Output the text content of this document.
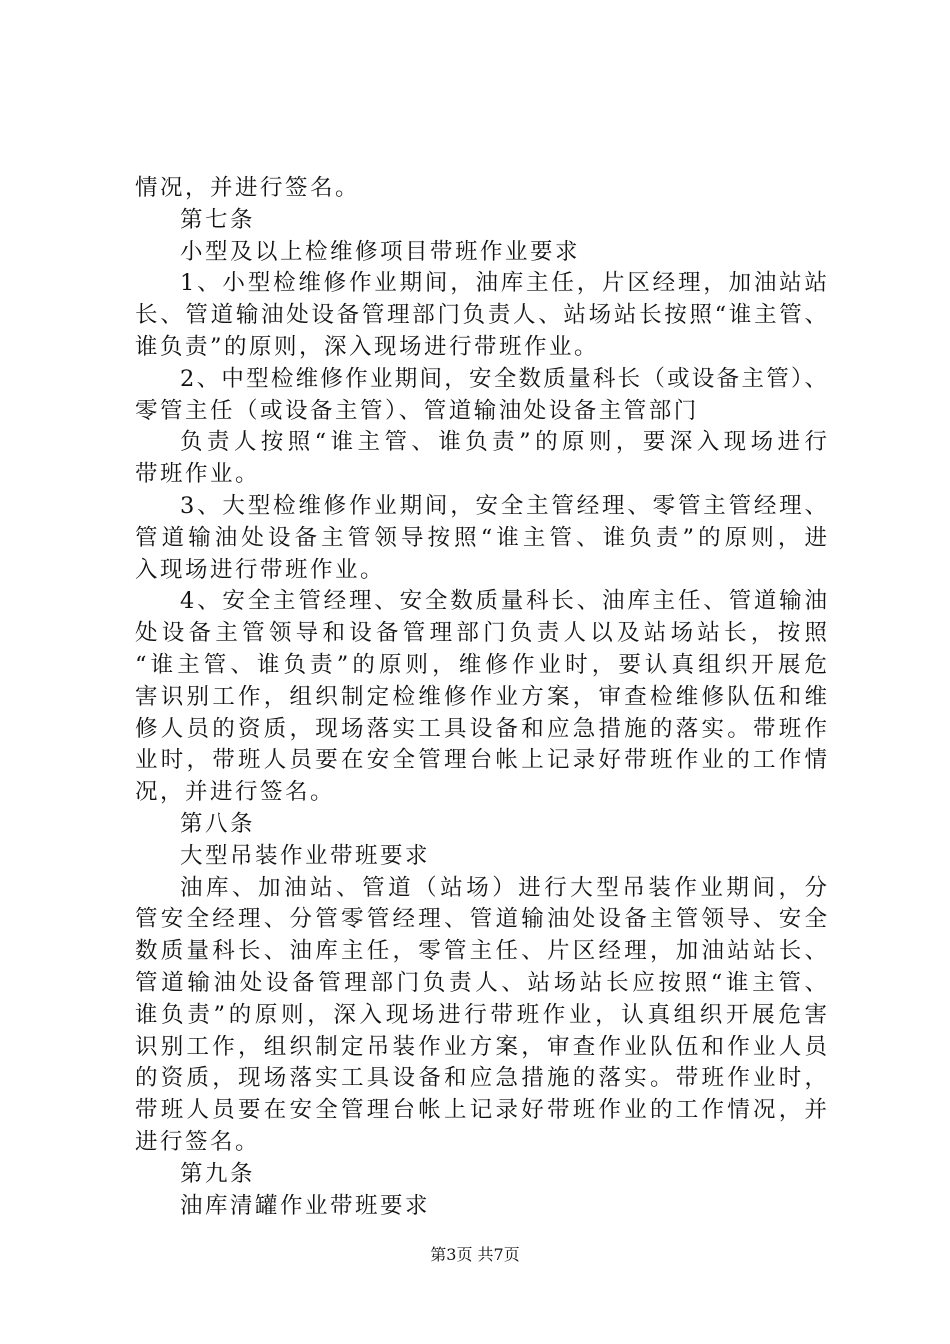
情况，并进行签名。
第七条
小型及以上检维修项目带班作业要求
1、小型检维修作业期间，油库主任，片区经理，加油站站
长、管道输油处设备管理部门负责人、站场站长按照“谁主管、
谁负责”的原则，深入现场进行带班作业。
2、中型检维修作业期间，安全数质量科长（或设备主管）、
零管主任（或设备主管）、管道输油处设备主管部门
负责人按照“谁主管、谁负责”的原则，要深入现场进行
带班作业。
3、大型检维修作业期间，安全主管经理、零管主管经理、
管道输油处设备主管领导按照“谁主管、谁负责”的原则，进
入现场进行带班作业。
4、安全主管经理、安全数质量科长、油库主任、管道输油
处设备主管领导和设备管理部门负责人以及站场站长，按照
“谁主管、谁负责”的原则，维修作业时，要认真组织开展危
害识别工作，组织制定检维修作业方案，审查检维修队伍和维
修人员的资质，现场落实工具设备和应急措施的落实。带班作
业时，带班人员要在安全管理台帐上记录好带班作业的工作情
况，并进行签名。
第八条
大型吊装作业带班要求
油库、加油站、管道（站场）进行大型吊装作业期间，分
管安全经理、分管零管经理、管道输油处设备主管领导、安全
数质量科长、油库主任，零管主任、片区经理，加油站站长、
管道输油处设备管理部门负责人、站场站长应按照“谁主管、
谁负责”的原则，深入现场进行带班作业，认真组织开展危害
识别工作，组织制定吊装作业方案，审查作业队伍和作业人员
的资质，现场落实工具设备和应急措施的落实。带班作业时，
带班人员要在安全管理台帐上记录好带班作业的工作情况，并
进行签名。
第九条
油库清罐作业带班要求
第3页 共7页
